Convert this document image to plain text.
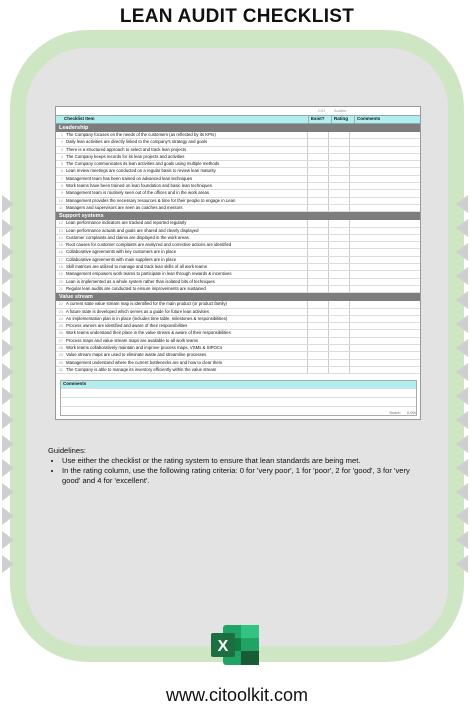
LEAN AUDIT CHECKLIST
C/O Auditor
Checklist Item	Exist?	Rating	Comments
Leadership
1 The Company focuses on the needs of the customers (as reflected by its KPIs)
2 Daily lean activities are directly linked to the company's strategy and goals
3 There is a structured approach to select and track lean projects
4 The Company keeps records for its lean projects and activities
5 The Company communicates its lean activities and goals using multiple methods
6 Lean review meetings are conducted on a regular basis to review lean maturity
7 Management team has been trained on advanced lean techniques
8 Work teams have been trained on lean foundation and basic lean techniques
9 Management team is routinely seen out of the offices and in the work areas
10 Management provides the necessary resources & time for their people to engage in Lean
11 Managers and supervisors are seen as coaches and mentors
Support systems
12 Lean performance indicators are tracked and reported regularly
13 Lean performance actuals and goals are shared and clearly displayed
14 Customer complaints and claims are displayed in the work areas
15 Root causes for customer complaints are analyzed and corrective actions are identified
16 Collaborative agreements with key customers are in place
17 Collaborative agreements with main suppliers are in place
18 Skill matrices are utilized to manage and track lean skills of all work teams
19 Management empowers work teams to participate in lean through rewards & incentives
20 Lean is implemented as a whole system rather than isolated bits of techniques
21 Regular lean audits are conducted to ensure improvements are sustained
Value stream
22 A current state value stream map is identified for the main product (or product family)
23 A future state is developed which serves as a guide for future lean activities
24 An implementation plan is in place (includes time table, milestones & responsibilities)
25 Process owners are identified and aware of their responsibilities
26 Work teams understand their place in the value stream & aware of their responsibilities
27 Process maps and value stream maps are available to all work teams
28 Work teams collaboratively maintain and improve process maps, VSMs & SIPOCs
29 Value stream maps are used to eliminate waste and streamline processes
30 Management understand where the current bottlenecks are and how to clear them
31 The Company is able to manage its inventory efficiently within the value stream
Comments
Score: 0.0%
Guidelines:
• Use either the checklist or the rating system to ensure that lean standards are being met.
• In the rating column, use the following rating criteria: 0 for 'very poor', 1 for 'poor', 2 for 'good', 3 for 'very good' and 4 for 'excellent'.
X
www.citoolkit.com
